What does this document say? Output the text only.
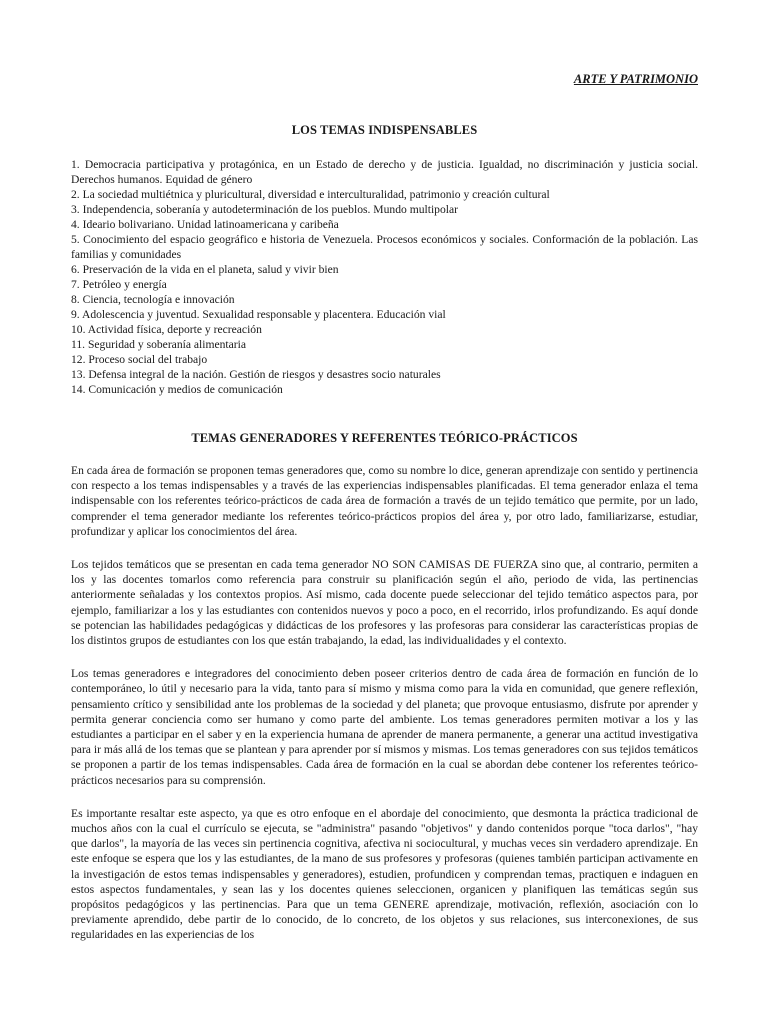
ARTE Y PATRIMONIO
LOS TEMAS INDISPENSABLES
1. Democracia participativa y protagónica, en un Estado de derecho y de justicia. Igualdad, no discriminación y justicia social. Derechos humanos. Equidad de género
2. La sociedad multiétnica y pluricultural, diversidad e interculturalidad, patrimonio y creación cultural
3. Independencia, soberanía y autodeterminación de los pueblos. Mundo multipolar
4. Ideario bolivariano. Unidad latinoamericana y caribeña
5. Conocimiento del espacio geográfico e historia de Venezuela. Procesos económicos y sociales. Conformación de la población. Las familias y comunidades
6. Preservación de la vida en el planeta, salud y vivir bien
7. Petróleo y energía
8. Ciencia, tecnología e innovación
9. Adolescencia y juventud. Sexualidad responsable y placentera. Educación vial
10. Actividad física, deporte y recreación
11. Seguridad y soberanía alimentaria
12. Proceso social del trabajo
13. Defensa integral de la nación. Gestión de riesgos y desastres socio naturales
14. Comunicación y medios de comunicación
TEMAS GENERADORES Y REFERENTES TEÓRICO-PRÁCTICOS
En cada área de formación se proponen temas generadores que, como su nombre lo dice, generan aprendizaje con sentido y pertinencia con respecto a los temas indispensables y a través de las experiencias indispensables planificadas. El tema generador enlaza el tema indispensable con los referentes teórico-prácticos de cada área de formación a través de un tejido temático que permite, por un lado, comprender el tema generador mediante los referentes teórico-prácticos propios del área y, por otro lado, familiarizarse, estudiar, profundizar y aplicar los conocimientos del área.
Los tejidos temáticos que se presentan en cada tema generador NO SON CAMISAS DE FUERZA sino que, al contrario, permiten a los y las docentes tomarlos como referencia para construir su planificación según el año, periodo de vida, las pertinencias anteriormente señaladas y los contextos propios. Así mismo, cada docente puede seleccionar del tejido temático aspectos para, por ejemplo, familiarizar a los y las estudiantes con contenidos nuevos y poco a poco, en el recorrido, irlos profundizando. Es aquí donde se potencian las habilidades pedagógicas y didácticas de los profesores y las profesoras para considerar las características propias de los distintos grupos de estudiantes con los que están trabajando, la edad, las individualidades y el contexto.
Los temas generadores e integradores del conocimiento deben poseer criterios dentro de cada área de formación en función de lo contemporáneo, lo útil y necesario para la vida, tanto para sí mismo y misma como para la vida en comunidad, que genere reflexión, pensamiento crítico y sensibilidad ante los problemas de la sociedad y del planeta; que provoque entusiasmo, disfrute por aprender y permita generar conciencia como ser humano y como parte del ambiente. Los temas generadores permiten motivar a los y las estudiantes a participar en el saber y en la experiencia humana de aprender de manera permanente, a generar una actitud investigativa para ir más allá de los temas que se plantean y para aprender por sí mismos y mismas. Los temas generadores con sus tejidos temáticos se proponen a partir de los temas indispensables. Cada área de formación en la cual se abordan debe contener los referentes teórico-prácticos necesarios para su comprensión.
Es importante resaltar este aspecto, ya que es otro enfoque en el abordaje del conocimiento, que desmonta la práctica tradicional de muchos años con la cual el currículo se ejecuta, se "administra" pasando "objetivos" y dando contenidos porque "toca darlos", "hay que darlos", la mayoría de las veces sin pertinencia cognitiva, afectiva ni sociocultural, y muchas veces sin verdadero aprendizaje. En este enfoque se espera que los y las estudiantes, de la mano de sus profesores y profesoras (quienes también participan activamente en la investigación de estos temas indispensables y generadores), estudien, profundicen y comprendan temas, practiquen e indaguen en estos aspectos fundamentales, y sean las y los docentes quienes seleccionen, organicen y planifiquen las temáticas según sus propósitos pedagógicos y las pertinencias. Para que un tema GENERE aprendizaje, motivación, reflexión, asociación con lo previamente aprendido, debe partir de lo conocido, de lo concreto, de los objetos y sus relaciones, sus interconexiones, de sus regularidades en las experiencias de los
